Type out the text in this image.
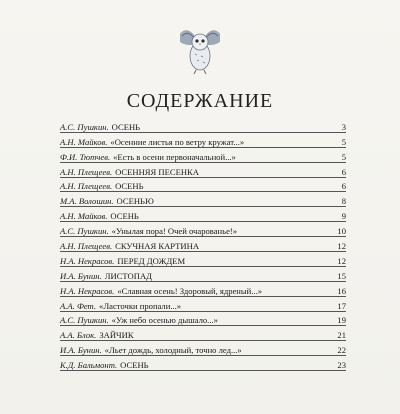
СОДЕРЖАНИЕ
А.С. Пушкин. ОСЕНЬ	3
А.Н. Майков. «Осенние листья по ветру кружат...»	5
Ф.И. Тютчев. «Есть в осени первоначальной...»	5
А.Н. Плещеев. ОСЕННЯЯ ПЕСЕНКА	6
А.Н. Плещеев. ОСЕНЬ	6
М.А. Волошин. ОСЕНЬЮ	8
А.Н. Майков. ОСЕНЬ	9
А.С. Пушкин. «Унылая пора! Очей очарованье!»	10
А.Н. Плещеев. СКУЧНАЯ КАРТИНА	12
Н.А. Некрасов. ПЕРЕД ДОЖДЕМ	12
И.А. Бунин. ЛИСТОПАД	15
Н.А. Некрасов. «Славная осень! Здоровый, ядреный...»	16
А.А. Фет. «Ласточки пропали...»	17
А.С. Пушкин. «Уж небо осенью дышало...»	19
А.А. Блок. ЗАЙЧИК	21
И.А. Бунин. «Льет дождь, холодный, точно лед...»	22
К.Д. Бальмонт. ОСЕНЬ	23
